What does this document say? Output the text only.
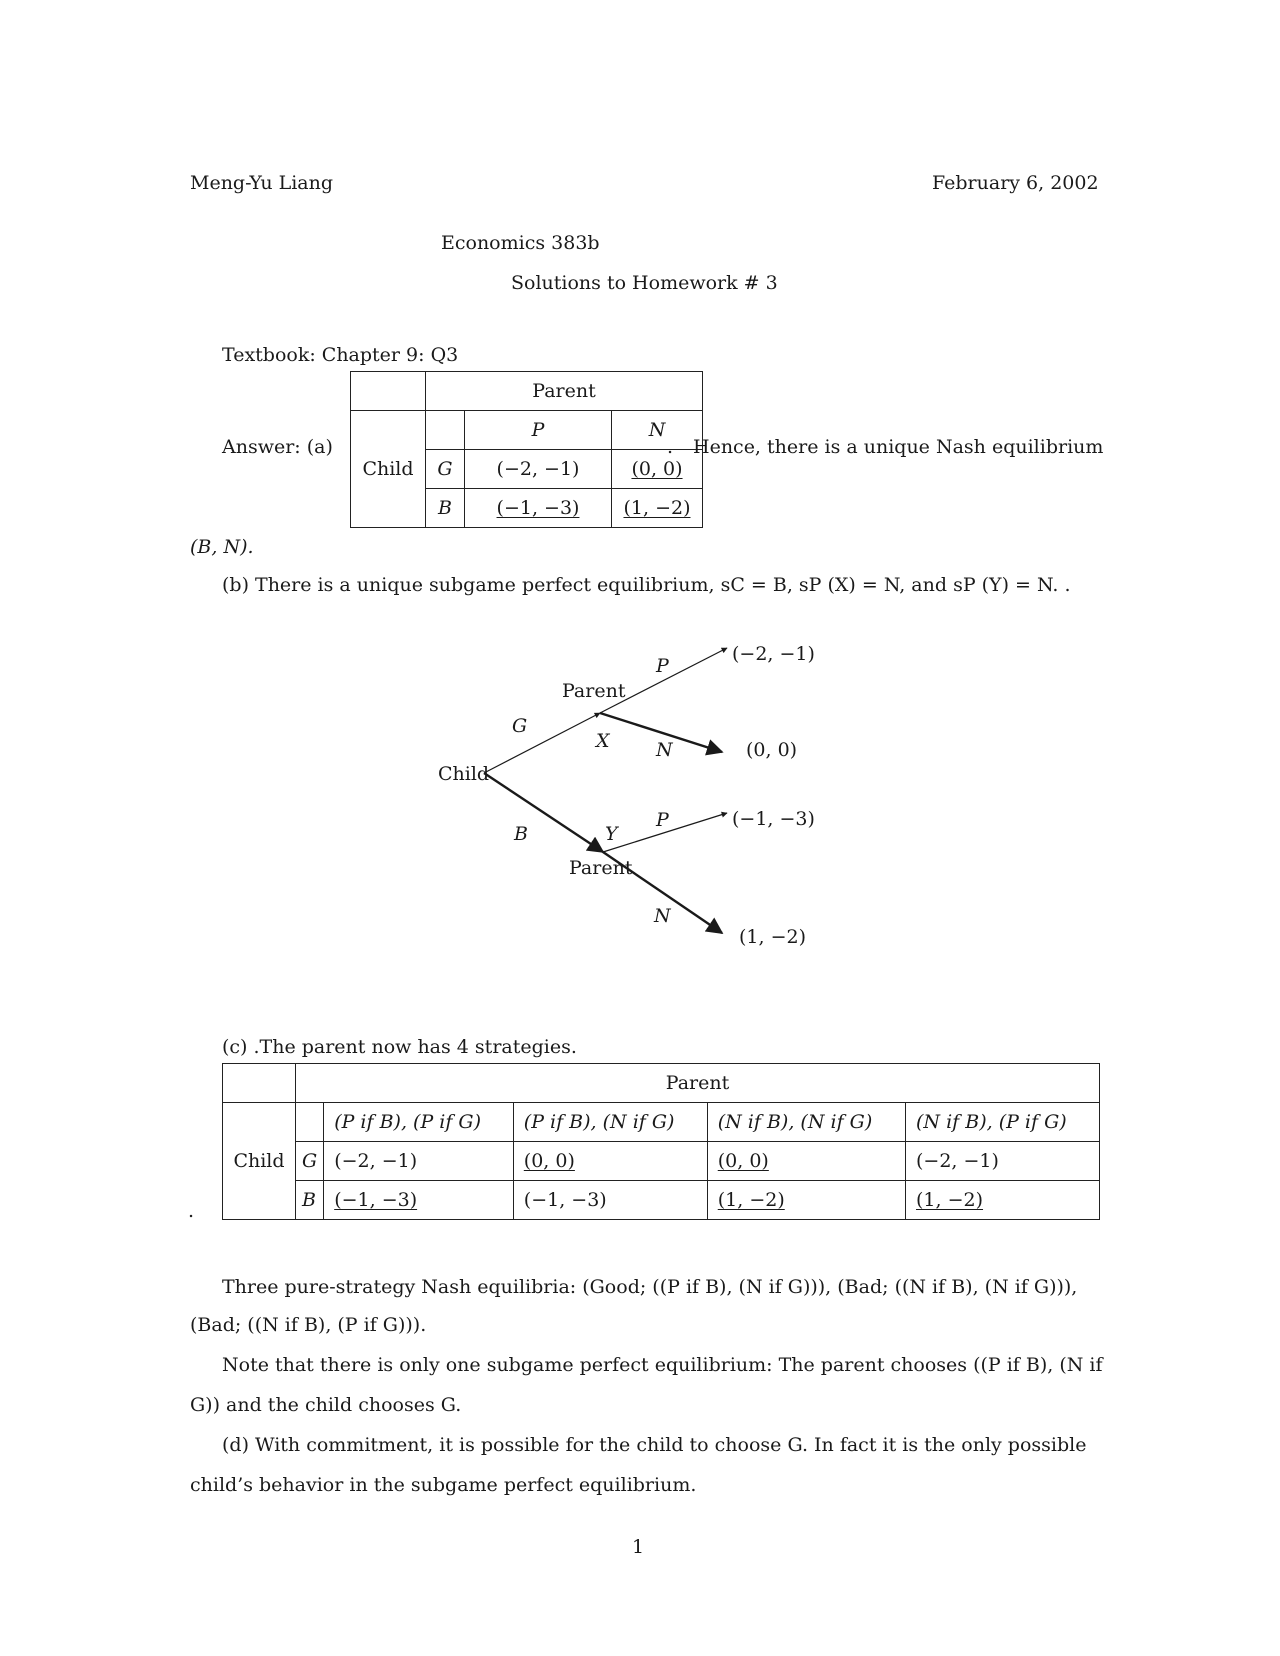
Meng-Yu Liang	February 6, 2002
Economics 383b
Solutions to Homework # 3
Textbook: Chapter 9: Q3
Answer: (a)
	Parent		
Child		P	N
	G	(−2, −1)	(0, 0)
	B	(−1, −3)	(1, −2)
. Hence, there is a unique Nash equilibrium
(B, N).
(b) There is a unique subgame perfect equilibrium, sC = B, sP (X) = N, and sP (Y) = N. .
Child
G
B
Parent
X
P
N
(−2, −1)
(0, 0)
Y
Parent
P
N
(−1, −3)
(1, −2)
(c) .The parent now has 4 strategies.
	Parent				
Child		(P if B), (P if G)	(P if B), (N if G)	(N if B), (N if G)	(N if B), (P if G)
	G	(−2, −1)	(0, 0)	(0, 0)	(−2, −1)
	B	(−1, −3)	(−1, −3)	(1, −2)	(1, −2)
.
Three pure-strategy Nash equilibria: (Good; ((P if B), (N if G))), (Bad; ((N if B), (N if G))),
(Bad; ((N if B), (P if G))).
Note that there is only one subgame perfect equilibrium: The parent chooses ((P if B), (N if
G)) and the child chooses G.
(d) With commitment, it is possible for the child to choose G. In fact it is the only possible
child’s behavior in the subgame perfect equilibrium.
1
